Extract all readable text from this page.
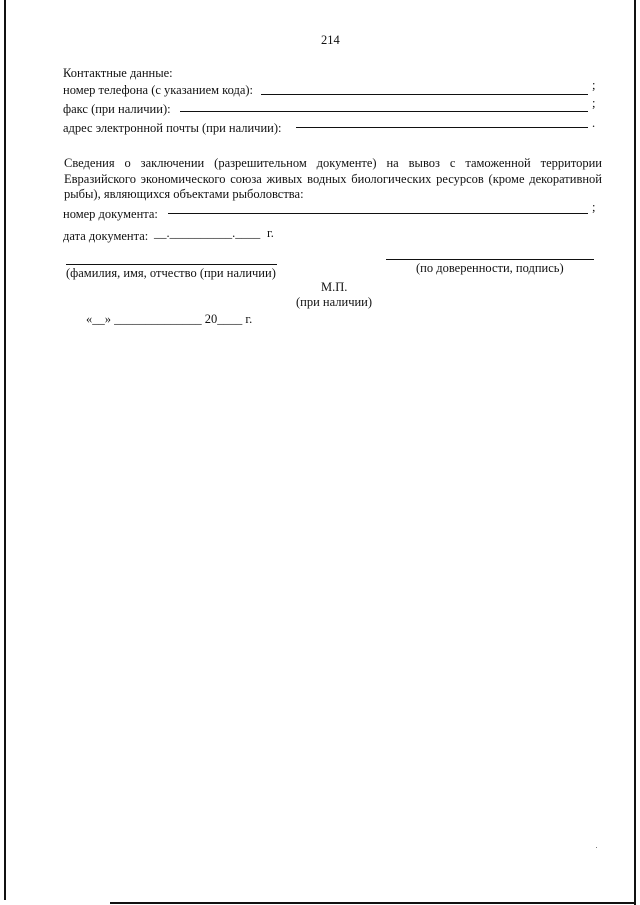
214
Контактные данные:
номер телефона (с указанием кода):	;
факс (при наличии):	;
адрес электронной почты (при наличии):	.
Сведения о заключении (разрешительном документе) на вывоз с таможенной территории Евразийского экономического союза живых водных биологических ресурсов (кроме декоративной рыбы), являющихся объектами рыболовства:
номер документа:	;
дата документа: __.__________.____ г.
(фамилия, имя, отчество (при наличии)	(по доверенности, подпись)
М.П.
(при наличии)
«__» ______________ 20____ г.
